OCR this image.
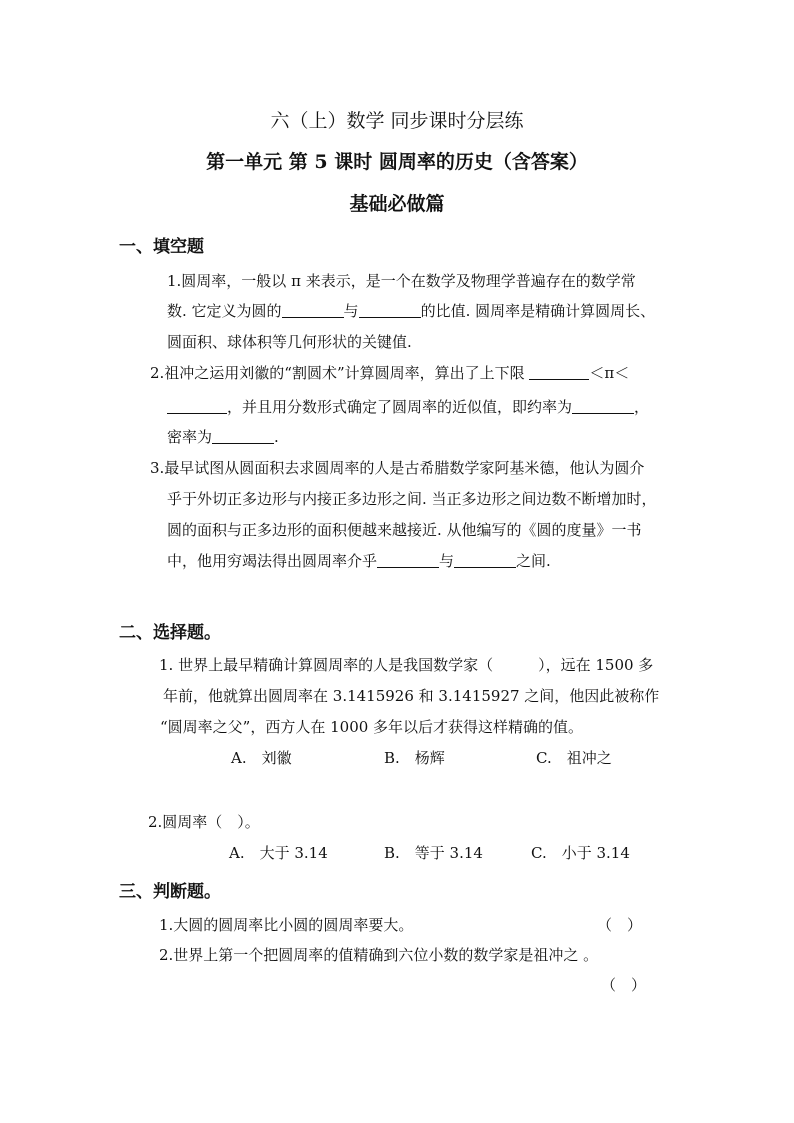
六（上）数学 同步课时分层练
第一单元 第 5 课时 圆周率的历史（含答案）
基础必做篇
一、填空题
1.圆周率，一般以 π 来表示，是一个在数学及物理学普遍存在的数学常
数. 它定义为圆的	与	的比值. 圆周率是精确计算圆周长、
圆面积、球体积等几何形状的关键值.
2.祖冲之运用刘徽的“割圆术”计算圆周率，算出了上下限	＜π＜
，并且用分数形式确定了圆周率的近似值，即约率为	，
密率为	.
3.最早试图从圆面积去求圆周率的人是古希腊数学家阿基米德，他认为圆介
乎于外切正多边形与内接正多边形之间. 当正多边形之间边数不断增加时，
圆的面积与正多边形的面积便越来越接近. 从他编写的《圆的度量》一书
中，他用穷竭法得出圆周率介乎	与	之间.
二、选择题。
1. 世界上最早精确计算圆周率的人是我国数学家（　　　），远在 1500 多
年前，他就算出圆周率在 3.1415926 和 3.1415927 之间，他因此被称作
“圆周率之父”，西方人在 1000 多年以后才获得这样精确的值。
A.　刘徽	B.　杨辉	C.　祖冲之
2.圆周率（　）。
A.　大于 3.14	B.　等于 3.14	C.　小于 3.14
三、判断题。
1.大圆的圆周率比小圆的圆周率要大。	（　）
2.世界上第一个把圆周率的值精确到六位小数的数学家是祖冲之 。
（　）
